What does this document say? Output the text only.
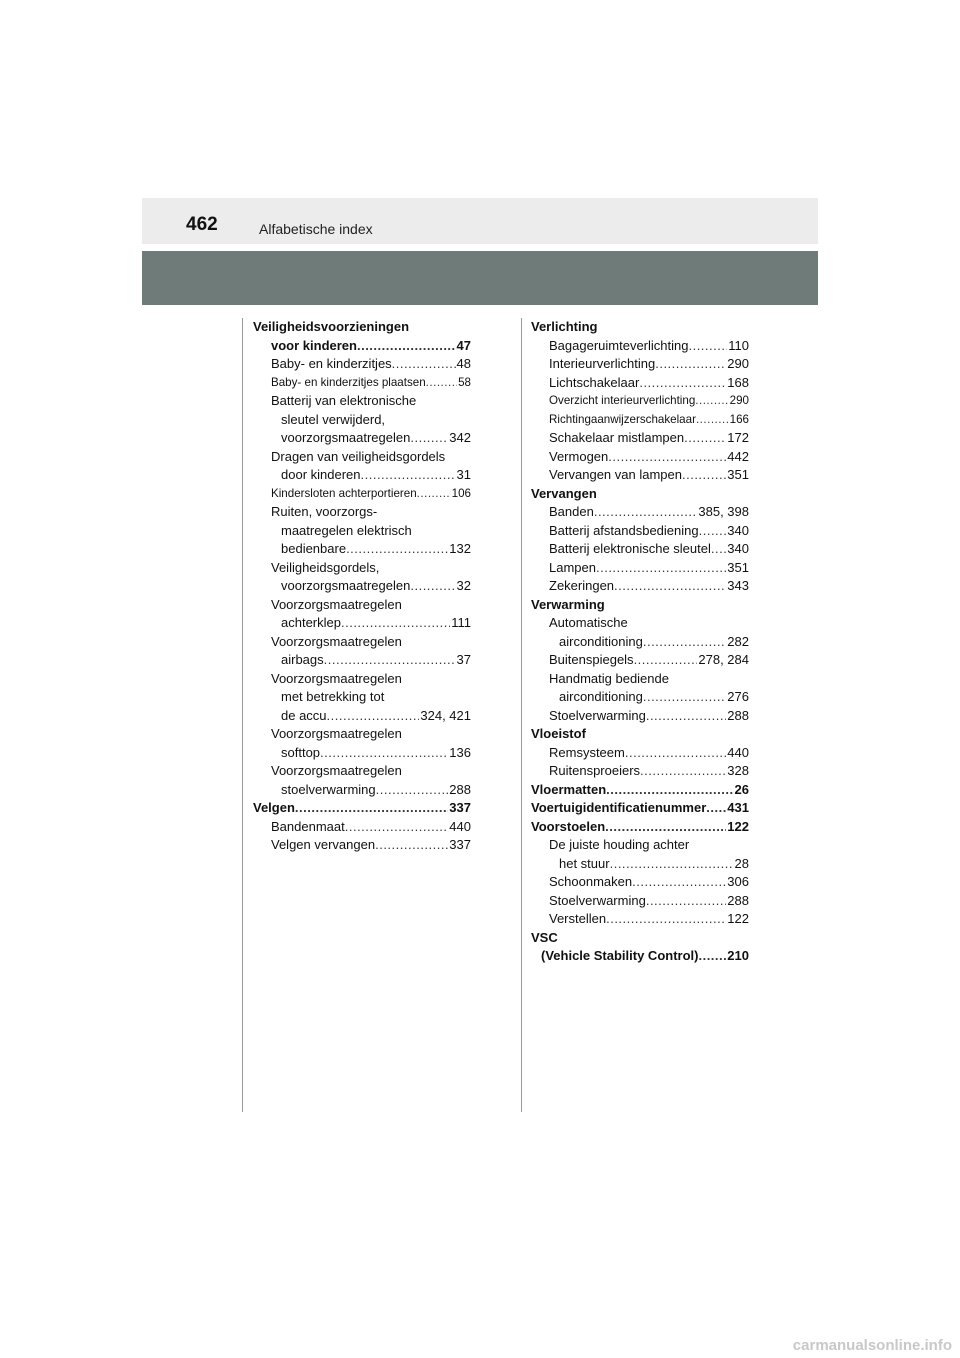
462	Alfabetische index
Veiligheidsvoorzieningen
voor kinderen .....	47
Baby- en kinderzitjes .....	48
Baby- en kinderzitjes plaatsen .....	58
Batterij van elektronische
sleutel verwijderd,
voorzorgsmaatregelen .....	342
Dragen van veiligheidsgordels
door kinderen .....	31
Kindersloten achterportieren .....	106
Ruiten, voorzorgs-
maatregelen elektrisch
bedienbare .....	132
Veiligheidsgordels,
voorzorgsmaatregelen .....	32
Voorzorgsmaatregelen
achterklep .....	111
Voorzorgsmaatregelen
airbags .....	37
Voorzorgsmaatregelen
met betrekking tot
de accu .....	324, 421
Voorzorgsmaatregelen
softtop .....	136
Voorzorgsmaatregelen
stoelverwarming .....	288
Velgen .....	337
Bandenmaat .....	440
Velgen vervangen .....	337
Verlichting
Bagageruimteverlichting .....	110
Interieurverlichting .....	290
Lichtschakelaar .....	168
Overzicht interieurverlichting .....	290
Richtingaanwijzerschakelaar .....	166
Schakelaar mistlampen .....	172
Vermogen .....	442
Vervangen van lampen .....	351
Vervangen
Banden .....	385, 398
Batterij afstandsbediening ..... 340
Batterij elektronische sleutel ..... 340
Lampen .....	351
Zekeringen .....	343
Verwarming
Automatische
airconditioning .....	282
Buitenspiegels .....	278, 284
Handmatig bediende
airconditioning .....	276
Stoelverwarming .....	288
Vloeistof
Remsysteem .....	440
Ruitensproeiers .....	328
Vloermatten .....	26
Voertuigidentificatienummer ..... 431
Voorstoelen .....	122
De juiste houding achter
het stuur .....	28
Schoonmaken .....	306
Stoelverwarming .....	288
Verstellen .....	122
VSC
(Vehicle Stability Control) ..... 210
carmanualsonline.info
